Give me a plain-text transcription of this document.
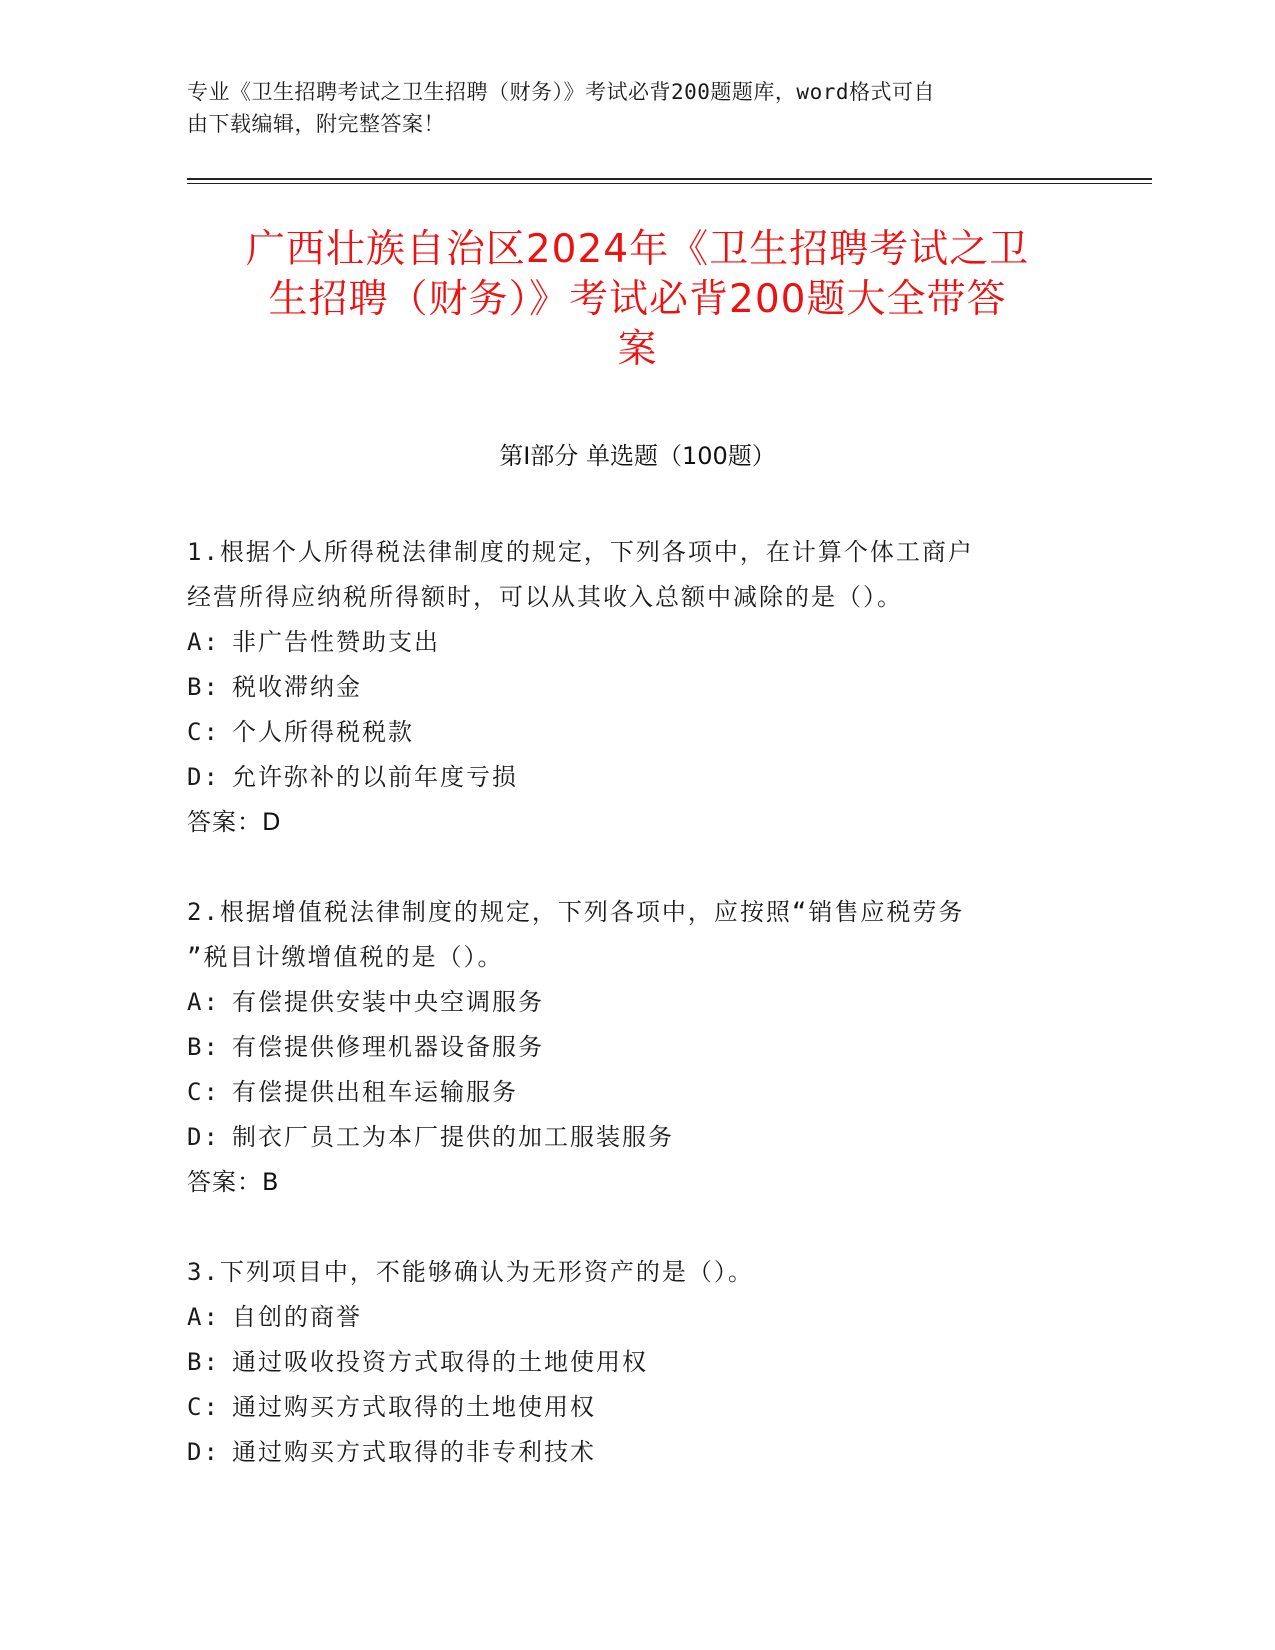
专业《卫生招聘考试之卫生招聘（财务）》考试必背200题题库，word格式可自
由下载编辑，附完整答案！
广西壮族自治区2024年《卫生招聘考试之卫
生招聘（财务）》考试必背200题大全带答
案
第Ⅰ部分 单选题（100题）
1.根据个人所得税法律制度的规定，下列各项中，在计算个体工商户
经营所得应纳税所得额时，可以从其收入总额中减除的是（）。
A: 非广告性赞助支出
B: 税收滞纳金
C: 个人所得税税款
D: 允许弥补的以前年度亏损
答案：D
2.根据增值税法律制度的规定，下列各项中，应按照“销售应税劳务
”税目计缴增值税的是（）。
A: 有偿提供安装中央空调服务
B: 有偿提供修理机器设备服务
C: 有偿提供出租车运输服务
D: 制衣厂员工为本厂提供的加工服装服务
答案：B
3.下列项目中，不能够确认为无形资产的是（）。
A: 自创的商誉
B: 通过吸收投资方式取得的土地使用权
C: 通过购买方式取得的土地使用权
D: 通过购买方式取得的非专利技术
